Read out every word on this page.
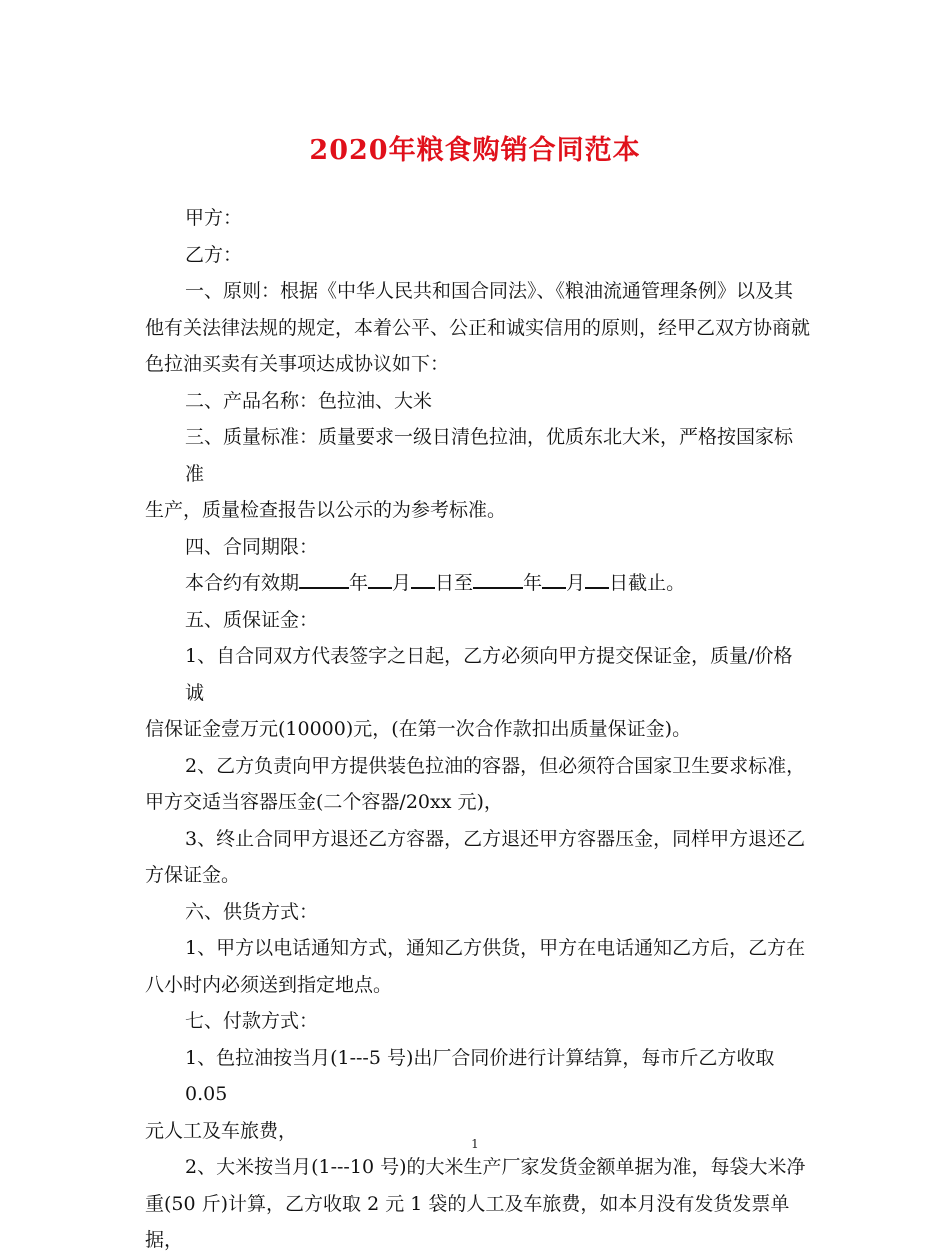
2020年粮食购销合同范本

甲方：

乙方：

一、原则：根据《中华人民共和国合同法》、《粮油流通管理条例》以及其

他有关法律法规的规定，本着公平、公正和诚实信用的原则，经甲乙双方协商就

色拉油买卖有关事项达成协议如下：

二、产品名称：色拉油、大米

三、质量标准：质量要求一级日清色拉油，优质东北大米，严格按国家标准

生产，质量检查报告以公示的为参考标准。

四、合同期限：

本合约有效期	年 月 日至	年 月 日截止。

五、质保证金：

1、自合同双方代表签字之日起，乙方必须向甲方提交保证金，质量/价格诚

信保证金壹万元(10000)元，(在第一次合作款扣出质量保证金)。

2、乙方负责向甲方提供装色拉油的容器，但必须符合国家卫生要求标准，

甲方交适当容器压金(二个容器/20xx 元)，

3、终止合同甲方退还乙方容器，乙方退还甲方容器压金，同样甲方退还乙

方保证金。

六、供货方式：

1、甲方以电话通知方式，通知乙方供货，甲方在电话通知乙方后，乙方在

八小时内必须送到指定地点。

七、付款方式：

1、色拉油按当月(1---5 号)出厂合同价进行计算结算，每市斤乙方收取 0.05

元人工及车旅费，

2、大米按当月(1---10 号)的大米生产厂家发货金额单据为准，每袋大米净

重(50 斤)计算，乙方收取 2 元 1 袋的人工及车旅费，如本月没有发货发票单据，

1
